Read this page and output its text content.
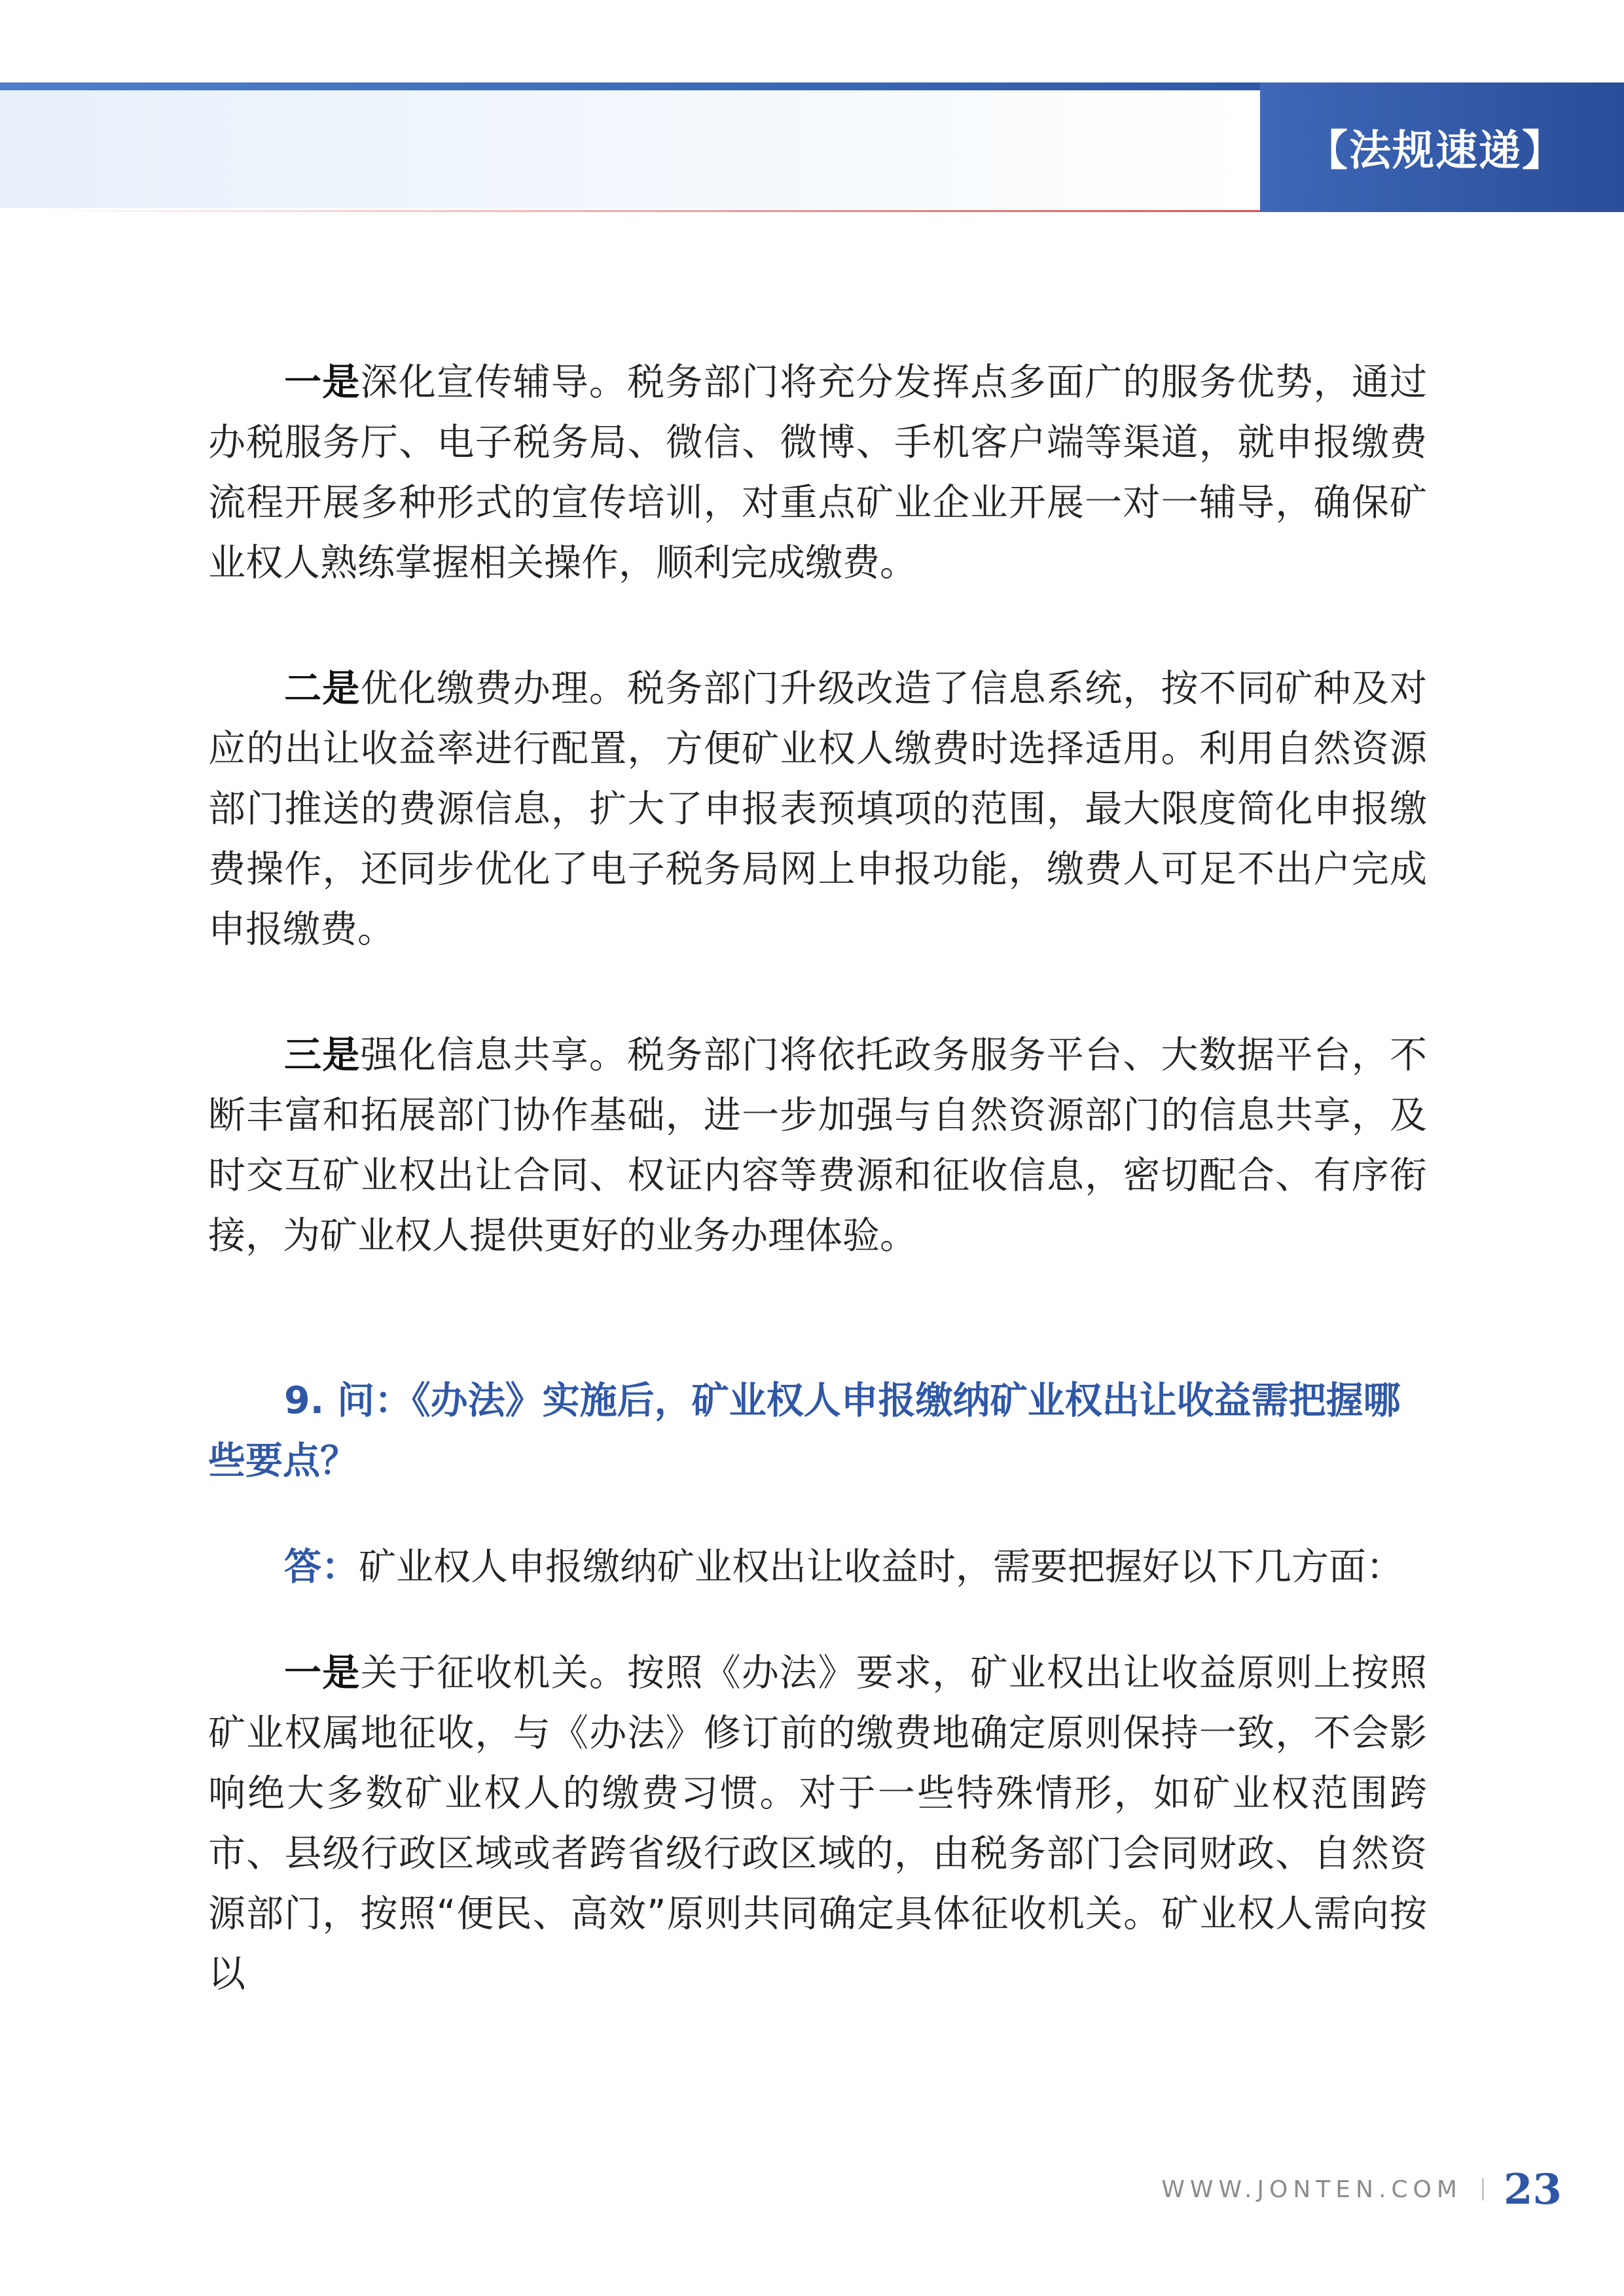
【法规速递】

一是深化宣传辅导。税务部门将充分发挥点多面广的服务优势，通过办税服务厅、电子税务局、微信、微博、手机客户端等渠道，就申报缴费流程开展多种形式的宣传培训，对重点矿业企业开展一对一辅导，确保矿业权人熟练掌握相关操作，顺利完成缴费。

二是优化缴费办理。税务部门升级改造了信息系统，按不同矿种及对应的出让收益率进行配置，方便矿业权人缴费时选择适用。利用自然资源部门推送的费源信息，扩大了申报表预填项的范围，最大限度简化申报缴费操作，还同步优化了电子税务局网上申报功能，缴费人可足不出户完成申报缴费。

三是强化信息共享。税务部门将依托政务服务平台、大数据平台，不断丰富和拓展部门协作基础，进一步加强与自然资源部门的信息共享，及时交互矿业权出让合同、权证内容等费源和征收信息，密切配合、有序衔接，为矿业权人提供更好的业务办理体验。

9. 问：《办法》实施后，矿业权人申报缴纳矿业权出让收益需把握哪些要点？

答：矿业权人申报缴纳矿业权出让收益时，需要把握好以下几方面：

一是关于征收机关。按照《办法》要求，矿业权出让收益原则上按照矿业权属地征收，与《办法》修订前的缴费地确定原则保持一致，不会影响绝大多数矿业权人的缴费习惯。对于一些特殊情形，如矿业权范围跨市、县级行政区域或者跨省级行政区域的，由税务部门会同财政、自然资源部门，按照“便民、高效”原则共同确定具体征收机关。矿业权人需向按以

WWW.JONTEN.COM 23
